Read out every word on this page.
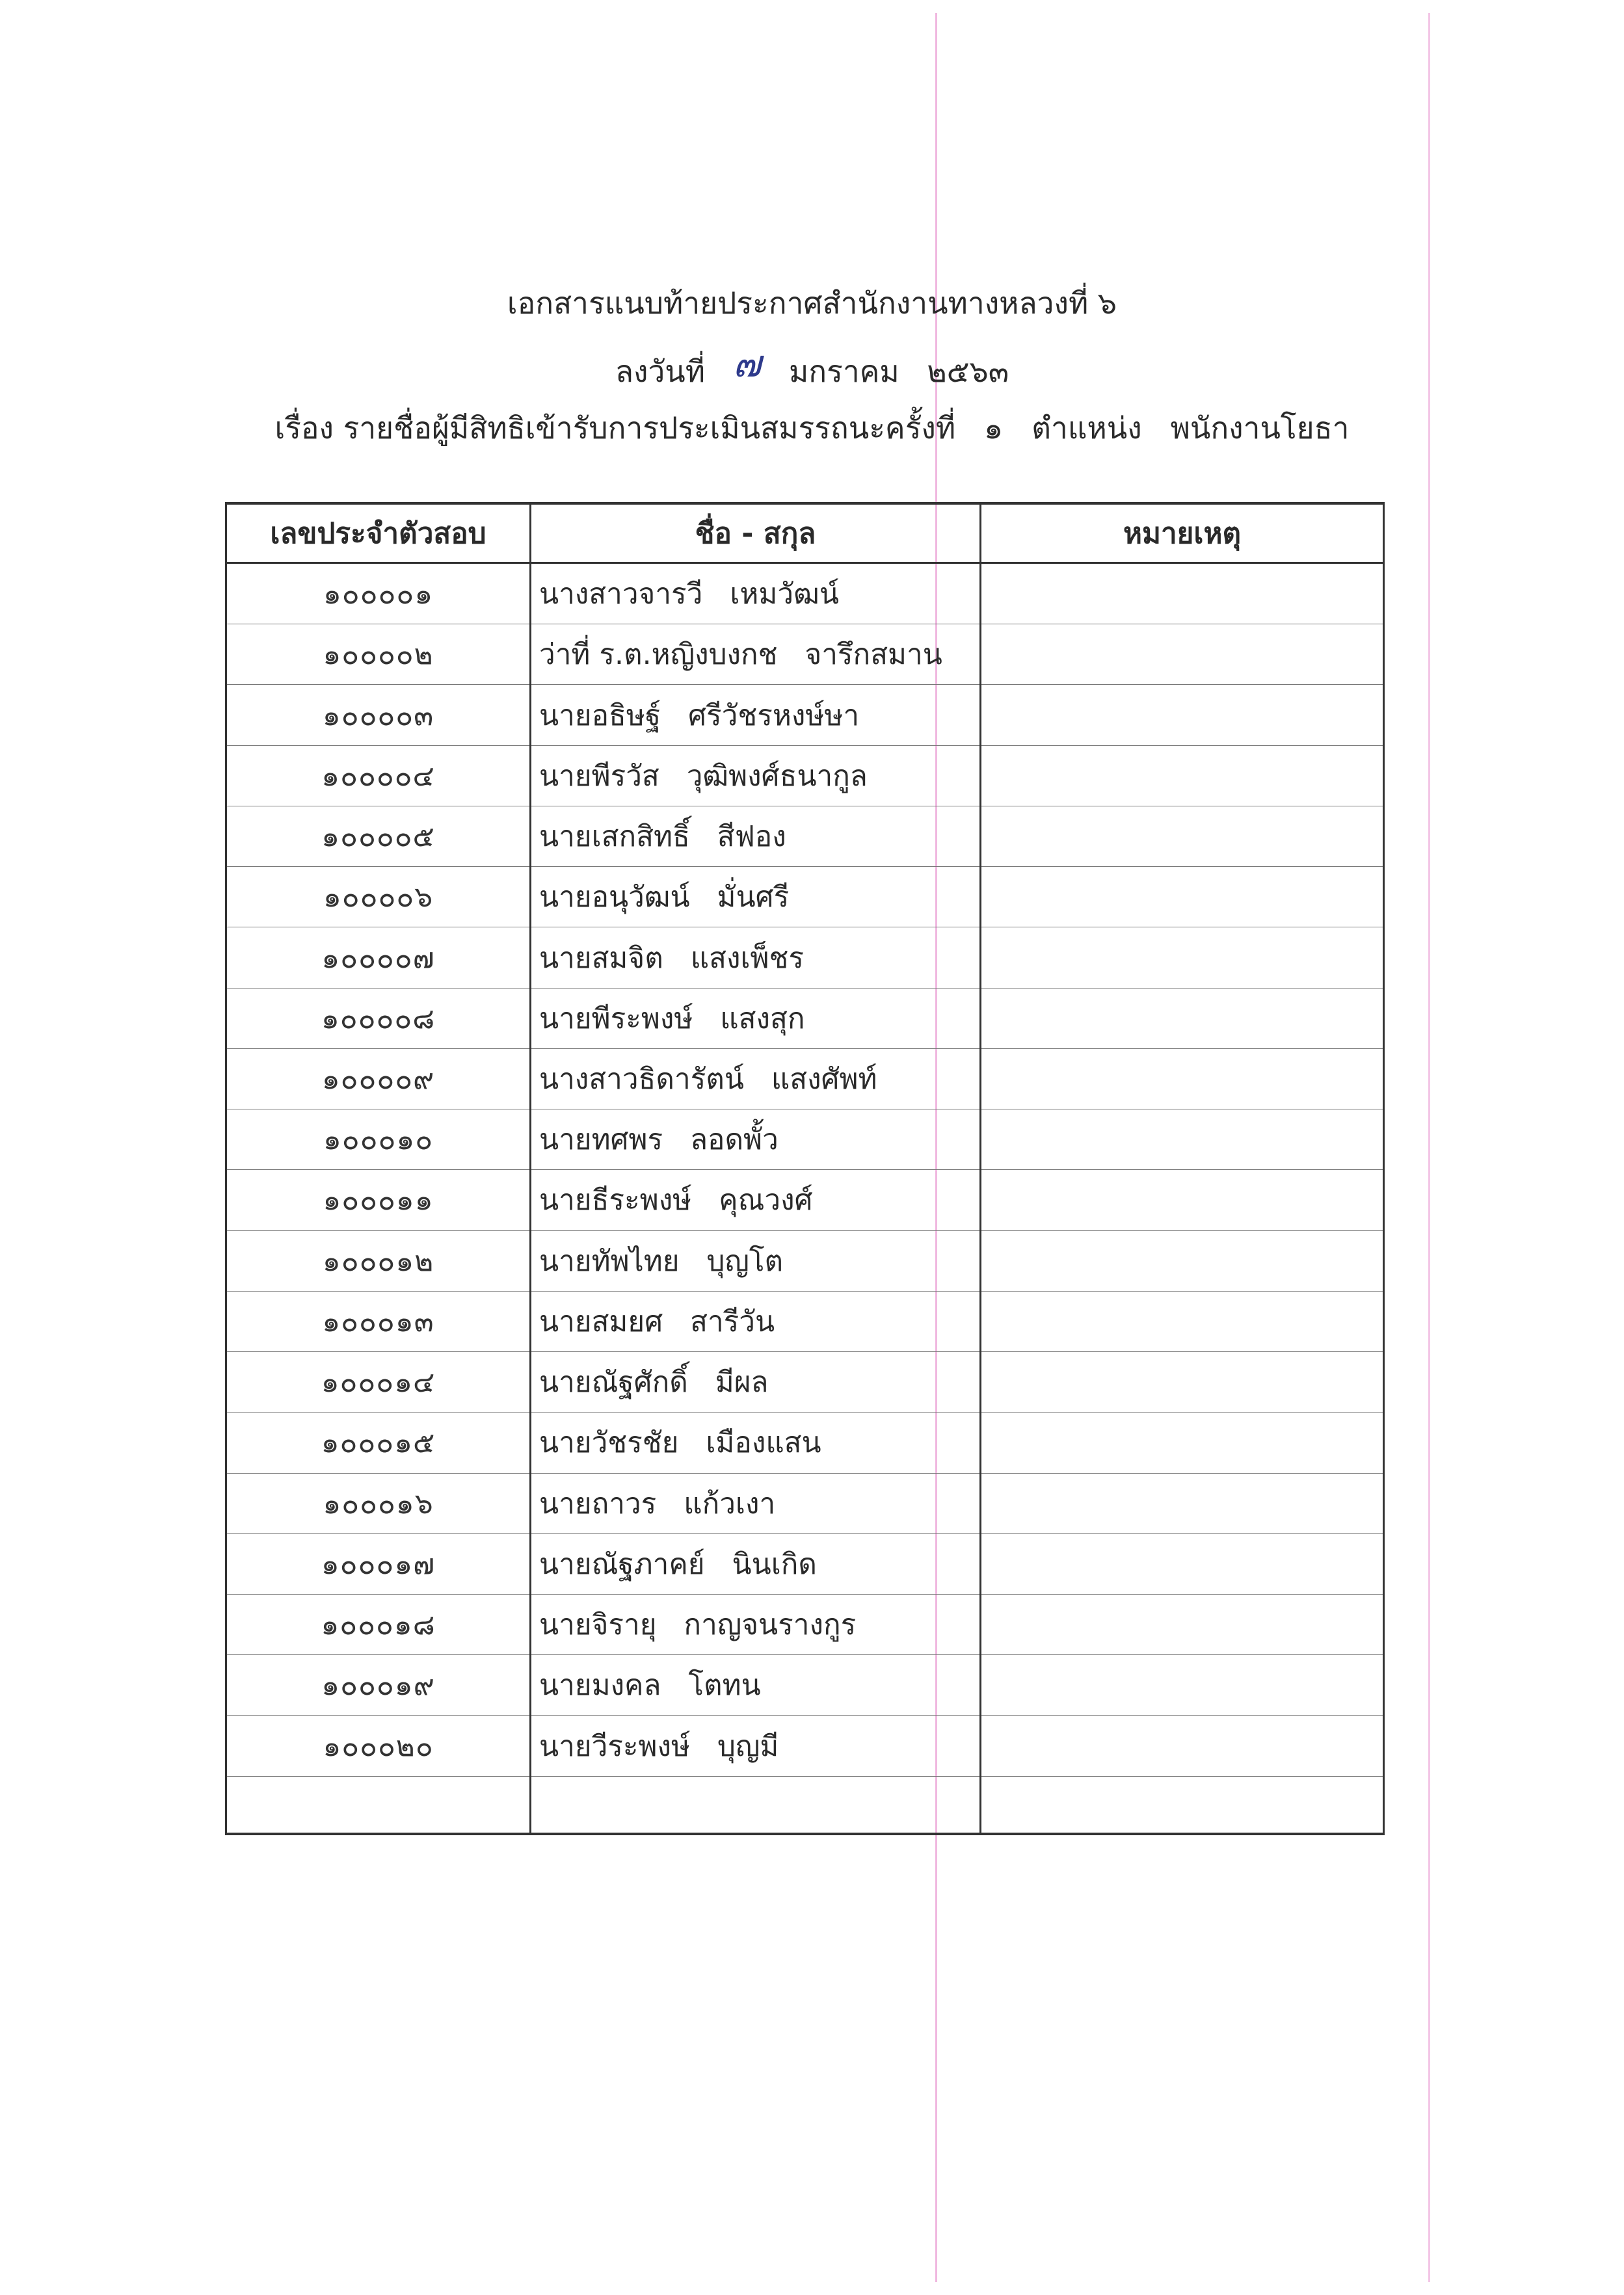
เอกสารแนบท้ายประกาศสำนักงานทางหลวงที่ ๖
ลงวันที่ ๗ มกราคม ๒๕๖๓
เรื่อง รายชื่อผู้มีสิทธิเข้ารับการประเมินสมรรถนะครั้งที่   ๑   ตำแหน่ง   พนักงานโยธา
เลขประจำตัวสอบ	ชื่อ - สกุล	หมายเหตุ
๑๐๐๐๐๑	นางสาวจารวี   เหมวัฒน์	
๑๐๐๐๐๒	ว่าที่ ร.ต.หญิงบงกช   จารึกสมาน	
๑๐๐๐๐๓	นายอธิษฐ์   ศรีวัชรหงษ์ษา	
๑๐๐๐๐๔	นายพีรวัส   วุฒิพงศ์ธนากูล	
๑๐๐๐๐๕	นายเสกสิทธิ์   สีฟอง	
๑๐๐๐๐๖	นายอนุวัฒน์   มั่นศรี	
๑๐๐๐๐๗	นายสมจิต   แสงเพ็ชร	
๑๐๐๐๐๘	นายพีระพงษ์   แสงสุก	
๑๐๐๐๐๙	นางสาวธิดารัตน์   แสงศัพท์	
๑๐๐๐๑๐	นายทศพร   ลอดพั้ว	
๑๐๐๐๑๑	นายธีระพงษ์   คุณวงศ์	
๑๐๐๐๑๒	นายทัพไทย   บุญโต	
๑๐๐๐๑๓	นายสมยศ   สารีวัน	
๑๐๐๐๑๔	นายณัฐศักดิ์   มีผล	
๑๐๐๐๑๕	นายวัชรชัย   เมืองแสน	
๑๐๐๐๑๖	นายถาวร   แก้วเงา	
๑๐๐๐๑๗	นายณัฐภาคย์   นินเกิด	
๑๐๐๐๑๘	นายจิรายุ   กาญจนรางกูร	
๑๐๐๐๑๙	นายมงคล   โตทน	
๑๐๐๐๒๐	นายวีระพงษ์   บุญมี	
